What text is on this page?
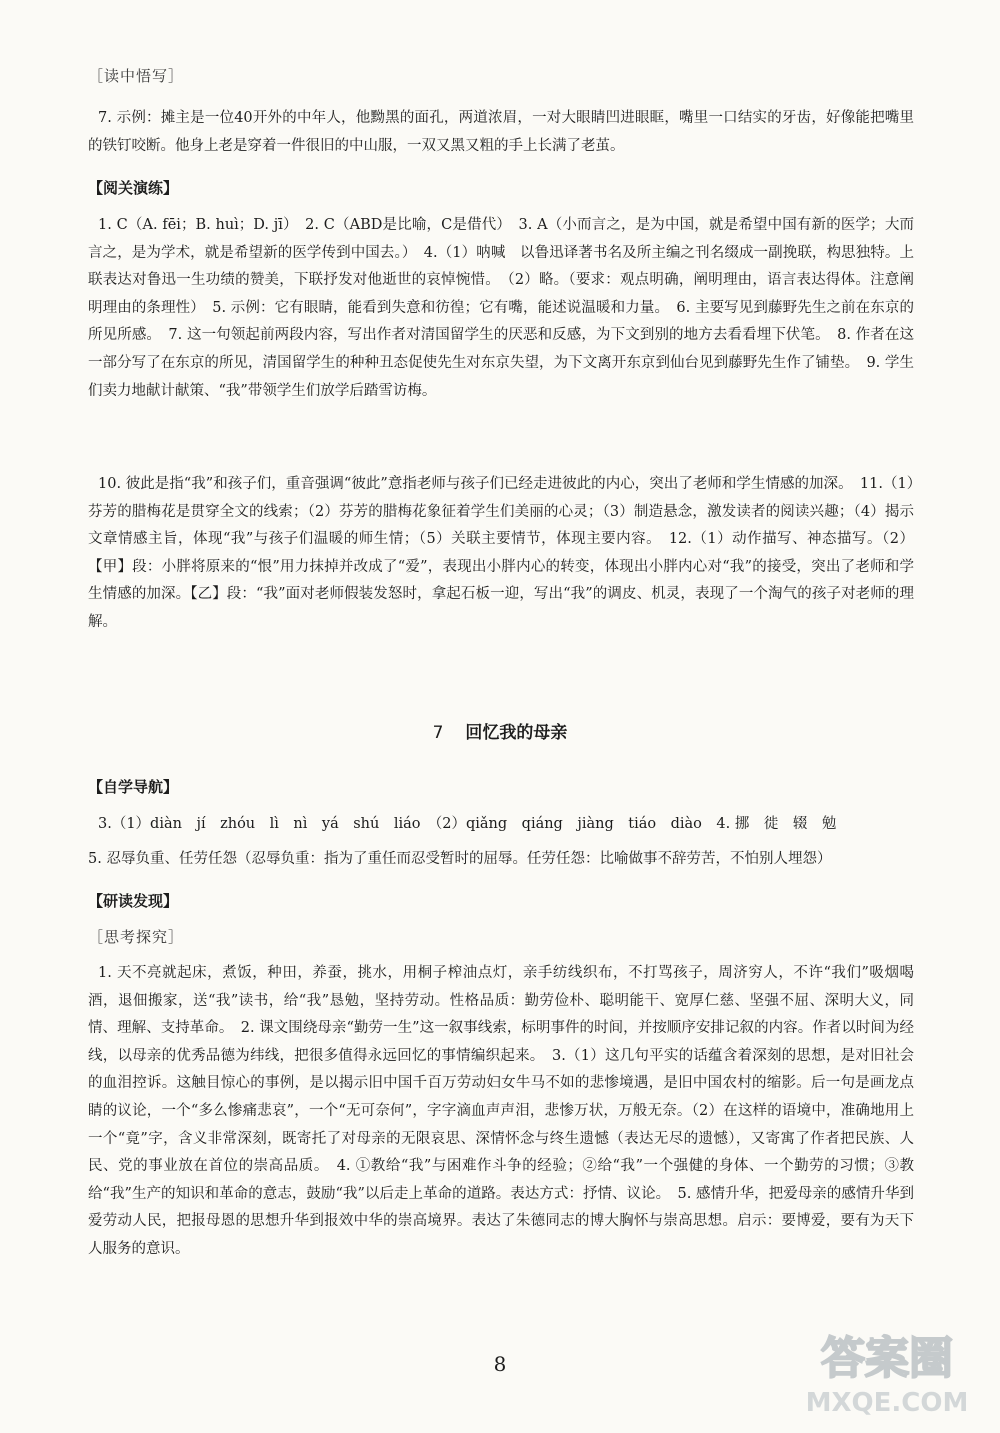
［读中悟写］
7. 示例：摊主是一位40开外的中年人，他黝黑的面孔，两道浓眉，一对大眼睛凹进眼眶，嘴里一口结实的牙齿，好像能把嘴里的铁钉咬断。他身上老是穿着一件很旧的中山服，一双又黑又粗的手上长满了老茧。
【阅关演练】
1. C（A. fēi；B. huì；D. jī）　2. C（ABD是比喻，C是借代）　3. A（小而言之，是为中国，就是希望中国有新的医学；大而言之，是为学术，就是希望新的医学传到中国去。）　4.（1）呐喊　以鲁迅译著书名及所主编之刊名缀成一副挽联，构思独特。上联表达对鲁迅一生功绩的赞美，下联抒发对他逝世的哀悼惋惜。　（2）略。（要求：观点明确，阐明理由，语言表达得体。注意阐明理由的条理性）　5. 示例：它有眼睛，能看到失意和彷徨；它有嘴，能述说温暖和力量。　6. 主要写见到藤野先生之前在东京的所见所感。　7. 这一句领起前两段内容，写出作者对清国留学生的厌恶和反感，为下文到别的地方去看看埋下伏笔。　8. 作者在这一部分写了在东京的所见，清国留学生的种种丑态促使先生对东京失望，为下文离开东京到仙台见到藤野先生作了铺垫。　9. 学生们卖力地献计献策、“我”带领学生们放学后踏雪访梅。
10. 彼此是指“我”和孩子们，重音强调“彼此”意指老师与孩子们已经走进彼此的内心，突出了老师和学生情感的加深。　11.（1）芬芳的腊梅花是贯穿全文的线索；（2）芬芳的腊梅花象征着学生们美丽的心灵；（3）制造悬念，激发读者的阅读兴趣；（4）揭示文章情感主旨，体现“我”与孩子们温暖的师生情；（5）关联主要情节，体现主要内容。　12.（1）动作描写、神态描写。（2）【甲】段：小胖将原来的“恨”用力抹掉并改成了“爱”，表现出小胖内心的转变，体现出小胖内心对“我”的接受，突出了老师和学生情感的加深。【乙】段：“我”面对老师假装发怒时，拿起石板一迎，写出“我”的调皮、机灵，表现了一个淘气的孩子对老师的理解。
7 回忆我的母亲
【自学导航】
3.（1）diàn　jí　zhóu　lì　nì　yá　shú　liáo　（2）qiǎng　qiáng　jiàng　tiáo　diào　4. 挪　徙　辍　勉
5. 忍辱负重、任劳任怨（忍辱负重：指为了重任而忍受暂时的屈辱。任劳任怨：比喻做事不辞劳苦，不怕别人埋怨）
【研读发现】
［思考探究］
1. 天不亮就起床，煮饭，种田，养蚕，挑水，用桐子榨油点灯，亲手纺线织布，不打骂孩子，周济穷人，不许“我们”吸烟喝酒，退佃搬家，送“我”读书，给“我”恳勉，坚持劳动。性格品质：勤劳俭朴、聪明能干、宽厚仁慈、坚强不屈、深明大义，同情、理解、支持革命。　2. 课文围绕母亲“勤劳一生”这一叙事线索，标明事件的时间，并按顺序安排记叙的内容。作者以时间为经线，以母亲的优秀品德为纬线，把很多值得永远回忆的事情编织起来。　3.（1）这几句平实的话蕴含着深刻的思想，是对旧社会的血泪控诉。这触目惊心的事例，是以揭示旧中国千百万劳动妇女牛马不如的悲惨境遇，是旧中国农村的缩影。后一句是画龙点睛的议论，一个“多么惨痛悲哀”，一个“无可奈何”，字字滴血声声泪，悲惨万状，万般无奈。（2）在这样的语境中，准确地用上一个“竟”字，含义非常深刻，既寄托了对母亲的无限哀思、深情怀念与终生遗憾（表达无尽的遗憾），又寄寓了作者把民族、人民、党的事业放在首位的崇高品质。　4. ①教给“我”与困难作斗争的经验；②给“我”一个强健的身体、一个勤劳的习惯；③教给“我”生产的知识和革命的意志，鼓励“我”以后走上革命的道路。表达方式：抒情、议论。　5. 感情升华，把爱母亲的感情升华到爱劳动人民，把报母恩的思想升华到报效中华的崇高境界。表达了朱德同志的博大胸怀与崇高思想。启示：要博爱，要有为天下人服务的意识。
8	答案圈
MXQE.COM
